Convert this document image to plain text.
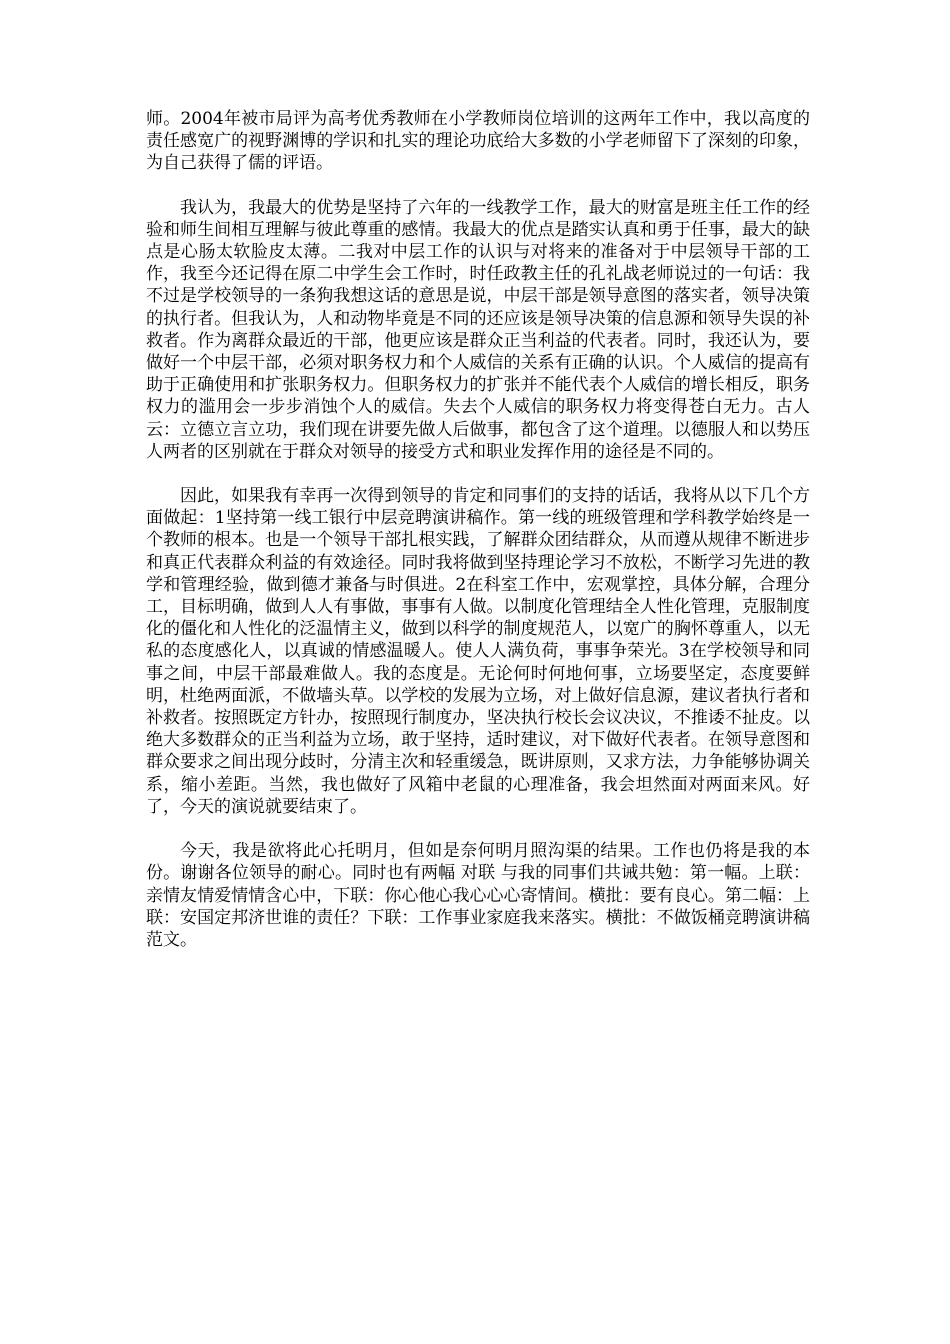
师。2004年被市局评为高考优秀教师在小学教师岗位培训的这两年工作中，我以高度的责任感宽广的视野渊博的学识和扎实的理论功底给大多数的小学老师留下了深刻的印象，为自己获得了儒的评语。

我认为，我最大的优势是坚持了六年的一线教学工作，最大的财富是班主任工作的经验和师生间相互理解与彼此尊重的感情。我最大的优点是踏实认真和勇于任事，最大的缺点是心肠太软脸皮太薄。二我对中层工作的认识与对将来的准备对于中层领导干部的工作，我至今还记得在原二中学生会工作时，时任政教主任的孔礼战老师说过的一句话：我不过是学校领导的一条狗我想这话的意思是说，中层干部是领导意图的落实者，领导决策的执行者。但我认为，人和动物毕竟是不同的还应该是领导决策的信息源和领导失误的补救者。作为离群众最近的干部，他更应该是群众正当利益的代表者。同时，我还认为，要做好一个中层干部，必须对职务权力和个人威信的关系有正确的认识。个人威信的提高有助于正确使用和扩张职务权力。但职务权力的扩张并不能代表个人威信的增长相反，职务权力的滥用会一步步消蚀个人的威信。失去个人威信的职务权力将变得苍白无力。古人云：立德立言立功，我们现在讲要先做人后做事，都包含了这个道理。以德服人和以势压人两者的区别就在于群众对领导的接受方式和职业发挥作用的途径是不同的。

因此，如果我有幸再一次得到领导的肯定和同事们的支持的话话，我将从以下几个方面做起：1坚持第一线工银行中层竞聘演讲稿作。第一线的班级管理和学科教学始终是一个教师的根本。也是一个领导干部扎根实践，了解群众团结群众，从而遵从规律不断进步和真正代表群众利益的有效途径。同时我将做到坚持理论学习不放松，不断学习先进的教学和管理经验，做到德才兼备与时俱进。2在科室工作中，宏观掌控，具体分解，合理分工，目标明确，做到人人有事做，事事有人做。以制度化管理结全人性化管理，克服制度化的僵化和人性化的泛温情主义，做到以科学的制度规范人，以宽广的胸怀尊重人，以无私的态度感化人，以真诚的情感温暖人。使人人满负荷，事事争荣光。3在学校领导和同事之间，中层干部最难做人。我的态度是。无论何时何地何事，立场要坚定，态度要鲜明，杜绝两面派，不做墙头草。以学校的发展为立场，对上做好信息源，建议者执行者和补救者。按照既定方针办，按照现行制度办，坚决执行校长会议决议，不推诿不扯皮。以绝大多数群众的正当利益为立场，敢于坚持，适时建议，对下做好代表者。在领导意图和群众要求之间出现分歧时，分清主次和轻重缓急，既讲原则，又求方法，力争能够协调关系，缩小差距。当然，我也做好了风箱中老鼠的心理准备，我会坦然面对两面来风。好了，今天的演说就要结束了。

今天，我是欲将此心托明月，但如是奈何明月照沟渠的结果。工作也仍将是我的本份。谢谢各位领导的耐心。同时也有两幅 对联 与我的同事们共诫共勉：第一幅。上联：亲情友情爱情情含心中，下联：你心他心我心心心寄情间。横批：要有良心。第二幅：上联：安国定邦济世谁的责任？下联：工作事业家庭我来落实。横批：不做饭桶竞聘演讲稿范文。
